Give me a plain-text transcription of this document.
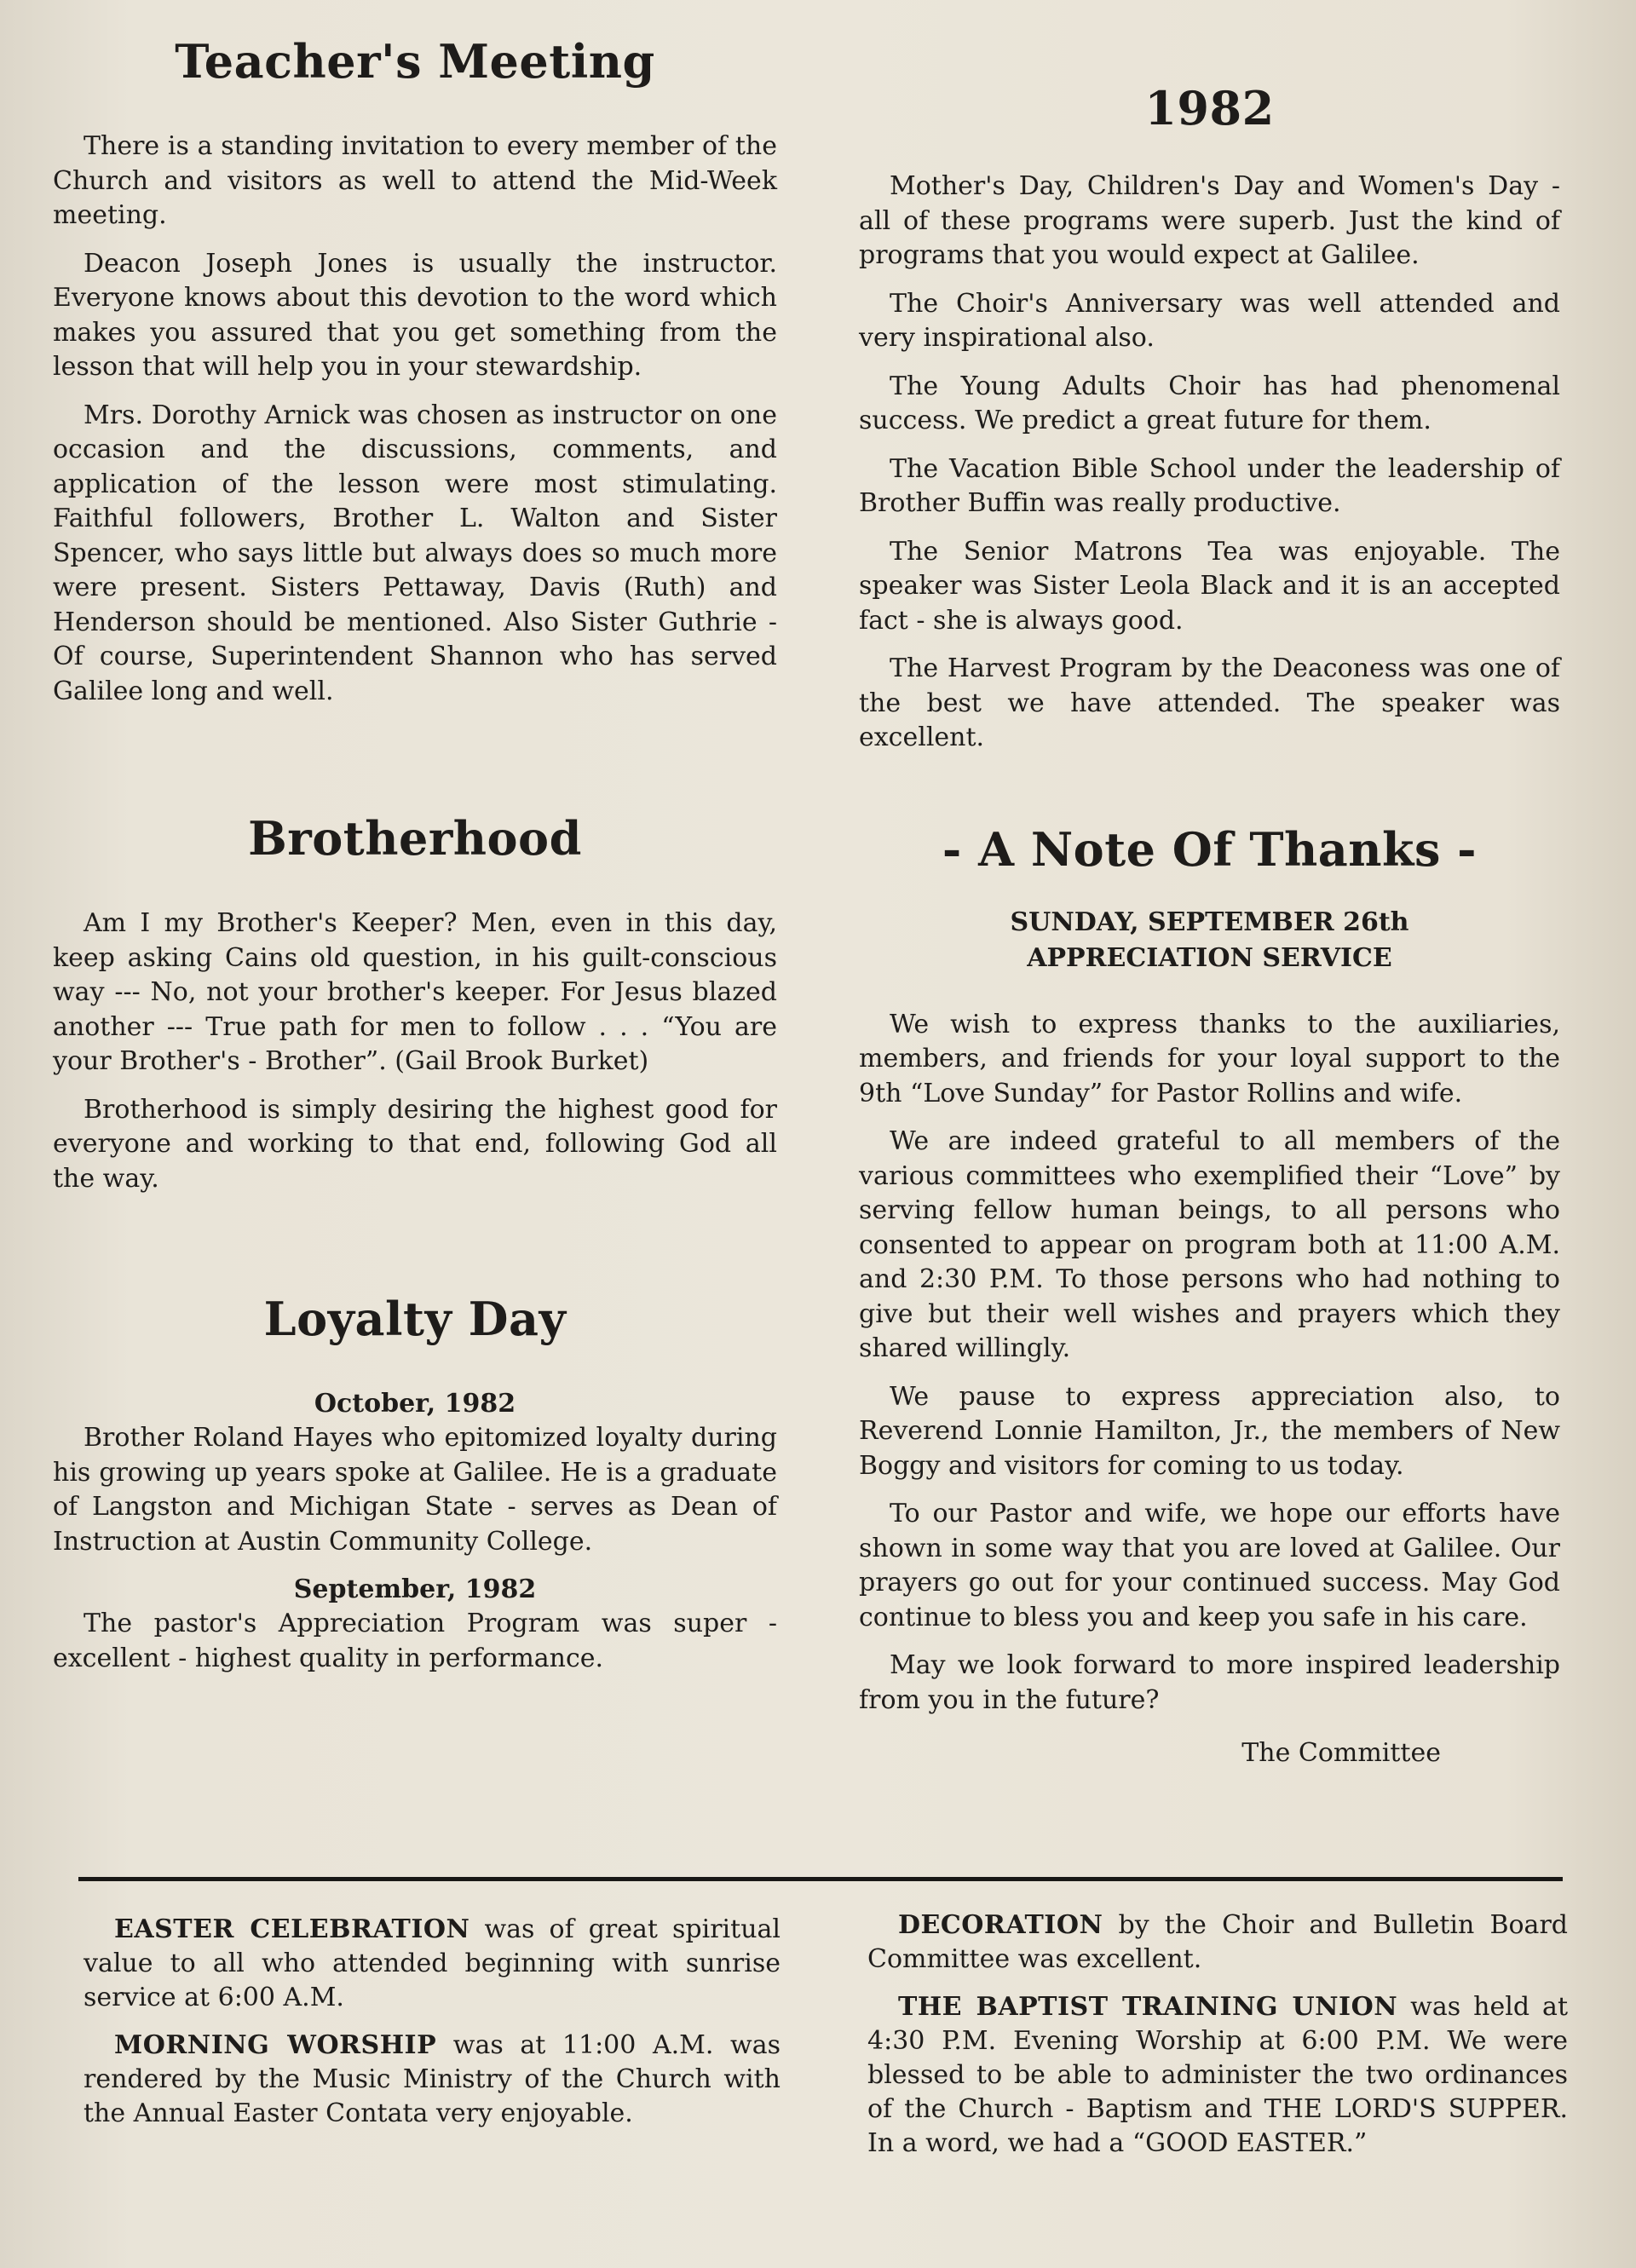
Teacher's Meeting

There is a standing invitation to every member of the Church and visitors as well to attend the Mid-Week meeting.

Deacon Joseph Jones is usually the instructor. Everyone knows about this devotion to the word which makes you assured that you get something from the lesson that will help you in your stewardship.

Mrs. Dorothy Arnick was chosen as instructor on one occasion and the discussions, comments, and application of the lesson were most stimulating. Faithful followers, Brother L. Walton and Sister Spencer, who says little but always does so much more were present. Sisters Pettaway, Davis (Ruth) and Henderson should be mentioned. Also Sister Guthrie - Of course, Superintendent Shannon who has served Galilee long and well.

Brotherhood

Am I my Brother's Keeper? Men, even in this day, keep asking Cains old question, in his guilt-conscious way --- No, not your brother's keeper. For Jesus blazed another --- True path for men to follow . . . “You are your Brother's - Brother”. (Gail Brook Burket)

Brotherhood is simply desiring the highest good for everyone and working to that end, following God all the way.

Loyalty Day
October, 1982

Brother Roland Hayes who epitomized loyalty during his growing up years spoke at Galilee. He is a graduate of Langston and Michigan State - serves as Dean of Instruction at Austin Community College.

September, 1982

The pastor's Appreciation Program was super - excellent - highest quality in performance.

1982

Mother's Day, Children's Day and Women's Day - all of these programs were superb. Just the kind of programs that you would expect at Galilee.

The Choir's Anniversary was well attended and very inspirational also.

The Young Adults Choir has had phenomenal success. We predict a great future for them.

The Vacation Bible School under the leadership of Brother Buffin was really productive.

The Senior Matrons Tea was enjoyable. The speaker was Sister Leola Black and it is an accepted fact - she is always good.

The Harvest Program by the Deaconess was one of the best we have attended. The speaker was excellent.

- A Note Of Thanks -
SUNDAY, SEPTEMBER 26th
APPRECIATION SERVICE

We wish to express thanks to the auxiliaries, members, and friends for your loyal support to the 9th “Love Sunday” for Pastor Rollins and wife.

We are indeed grateful to all members of the various committees who exemplified their “Love” by serving fellow human beings, to all persons who consented to appear on program both at 11:00 A.M. and 2:30 P.M. To those persons who had nothing to give but their well wishes and prayers which they shared willingly.

We pause to express appreciation also, to Reverend Lonnie Hamilton, Jr., the members of New Boggy and visitors for coming to us today.

To our Pastor and wife, we hope our efforts have shown in some way that you are loved at Galilee. Our prayers go out for your continued success. May God continue to bless you and keep you safe in his care.

May we look forward to more inspired leadership from you in the future?

The Committee

EASTER CELEBRATION was of great spiritual value to all who attended beginning with sunrise service at 6:00 A.M.

MORNING WORSHIP was at 11:00 A.M. was rendered by the Music Ministry of the Church with the Annual Easter Contata very enjoyable.

DECORATION by the Choir and Bulletin Board Committee was excellent.

THE BAPTIST TRAINING UNION was held at 4:30 P.M. Evening Worship at 6:00 P.M. We were blessed to be able to administer the two ordinances of the Church - Baptism and THE LORD'S SUPPER. In a word, we had a “GOOD EASTER.”
